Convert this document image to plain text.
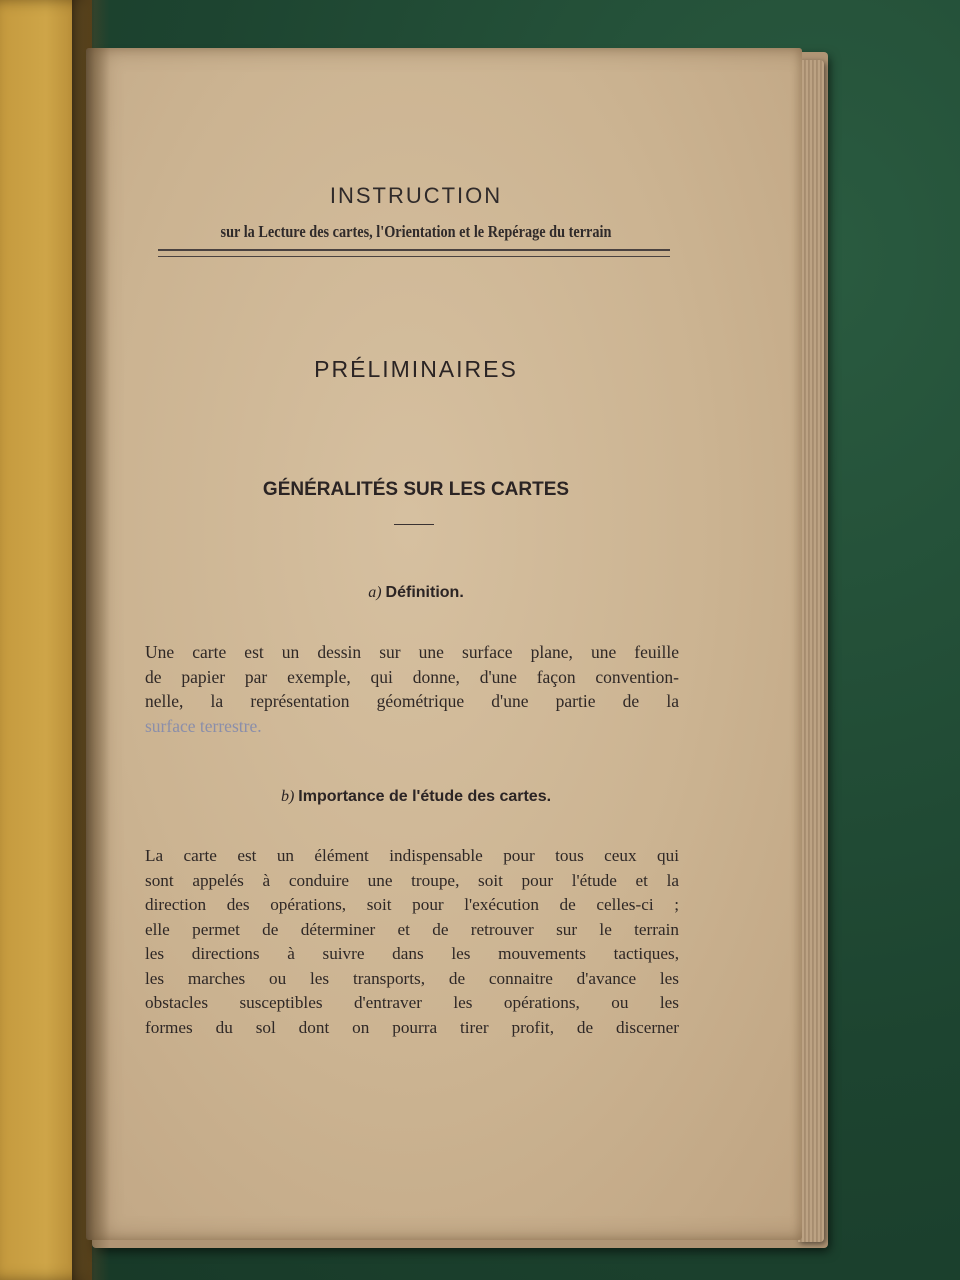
INSTRUCTION
sur la Lecture des cartes, l'Orientation et le Repérage du terrain
PRÉLIMINAIRES
GÉNÉRALITÉS SUR LES CARTES
a) Définition.
Une carte est un dessin sur une surface plane, une feuille
de papier par exemple, qui donne, d'une façon convention-
nelle, la représentation géométrique d'une partie de la
surface terrestre.
b) Importance de l'étude des cartes.
La carte est un élément indispensable pour tous ceux qui
sont appelés à conduire une troupe, soit pour l'étude et la
direction des opérations, soit pour l'exécution de celles-ci ;
elle permet de déterminer et de retrouver sur le terrain
les directions à suivre dans les mouvements tactiques,
les marches ou les transports, de connaitre d'avance les
obstacles susceptibles d'entraver les opérations, ou les
formes du sol dont on pourra tirer profit, de discerner
